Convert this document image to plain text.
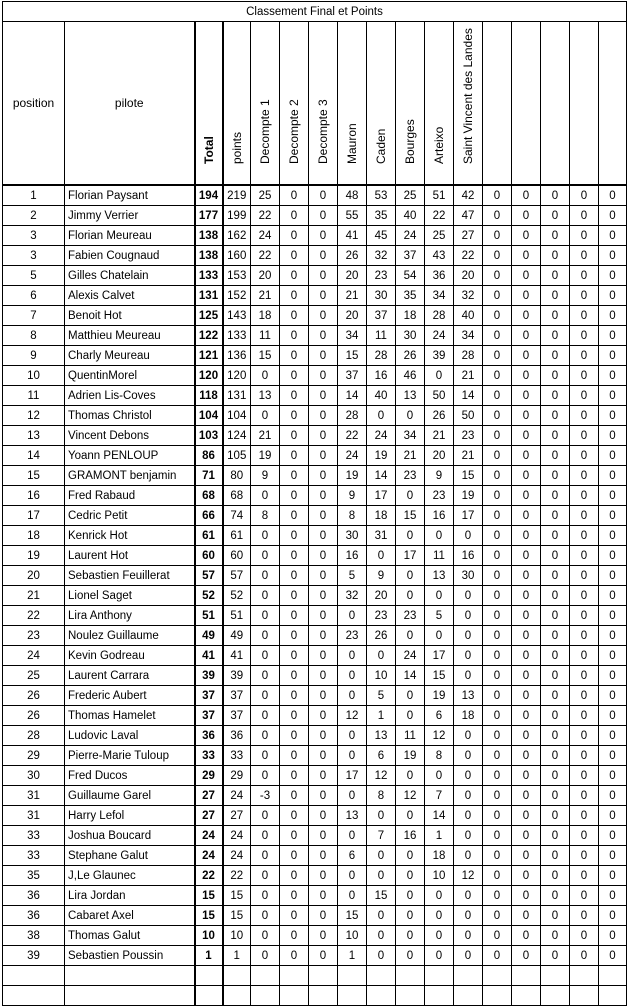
Classement Final et Points																
position	pilote	Total	points	Decompte 1	Decompte 2	Decompte 3	Mauron	Caden	Bourges	Arteixo	Saint Vincent des Landes					

1	Florian Paysant	194	219	25	0	0	48	53	25	51	42	0	0	0	0	0
2	Jimmy Verrier	177	199	22	0	0	55	35	40	22	47	0	0	0	0	0
3	Florian Meureau	138	162	24	0	0	41	45	24	25	27	0	0	0	0	0
3	Fabien Cougnaud	138	160	22	0	0	26	32	37	43	22	0	0	0	0	0
5	Gilles Chatelain	133	153	20	0	0	20	23	54	36	20	0	0	0	0	0
6	Alexis Calvet	131	152	21	0	0	21	30	35	34	32	0	0	0	0	0
7	Benoit Hot	125	143	18	0	0	20	37	18	28	40	0	0	0	0	0
8	Matthieu Meureau	122	133	11	0	0	34	11	30	24	34	0	0	0	0	0
9	Charly Meureau	121	136	15	0	0	15	28	26	39	28	0	0	0	0	0
10	QuentinMorel	120	120	0	0	0	37	16	46	0	21	0	0	0	0	0
11	Adrien Lis-Coves	118	131	13	0	0	14	40	13	50	14	0	0	0	0	0
12	Thomas Christol	104	104	0	0	0	28	0	0	26	50	0	0	0	0	0
13	Vincent Debons	103	124	21	0	0	22	24	34	21	23	0	0	0	0	0
14	Yoann PENLOUP	86	105	19	0	0	24	19	21	20	21	0	0	0	0	0
15	GRAMONT benjamin	71	80	9	0	0	19	14	23	9	15	0	0	0	0	0
16	Fred Rabaud	68	68	0	0	0	9	17	0	23	19	0	0	0	0	0
17	Cedric Petit	66	74	8	0	0	8	18	15	16	17	0	0	0	0	0
18	Kenrick Hot	61	61	0	0	0	30	31	0	0	0	0	0	0	0	0
19	Laurent Hot	60	60	0	0	0	16	0	17	11	16	0	0	0	0	0
20	Sebastien Feuillerat	57	57	0	0	0	5	9	0	13	30	0	0	0	0	0
21	Lionel Saget	52	52	0	0	0	32	20	0	0	0	0	0	0	0	0
22	Lira Anthony	51	51	0	0	0	0	23	23	5	0	0	0	0	0	0
23	Noulez Guillaume	49	49	0	0	0	23	26	0	0	0	0	0	0	0	0
24	Kevin Godreau	41	41	0	0	0	0	0	24	17	0	0	0	0	0	0
25	Laurent Carrara	39	39	0	0	0	0	10	14	15	0	0	0	0	0	0
26	Frederic Aubert	37	37	0	0	0	0	5	0	19	13	0	0	0	0	0
26	Thomas Hamelet	37	37	0	0	0	12	1	0	6	18	0	0	0	0	0
28	Ludovic Laval	36	36	0	0	0	0	13	11	12	0	0	0	0	0	0
29	Pierre-Marie Tuloup	33	33	0	0	0	0	6	19	8	0	0	0	0	0	0
30	Fred Ducos	29	29	0	0	0	17	12	0	0	0	0	0	0	0	0
31	Guillaume Garel	27	24	-3	0	0	0	8	12	7	0	0	0	0	0	0
31	Harry Lefol	27	27	0	0	0	13	0	0	14	0	0	0	0	0	0
33	Joshua Boucard	24	24	0	0	0	0	7	16	1	0	0	0	0	0	0
33	Stephane Galut	24	24	0	0	0	6	0	0	18	0	0	0	0	0	0
35	J,Le Glaunec	22	22	0	0	0	0	0	0	10	12	0	0	0	0	0
36	Lira Jordan	15	15	0	0	0	0	15	0	0	0	0	0	0	0	0
36	Cabaret Axel	15	15	0	0	0	15	0	0	0	0	0	0	0	0	0
38	Thomas Galut	10	10	0	0	0	10	0	0	0	0	0	0	0	0	0
39	Sebastien Poussin	1	1	0	0	0	1	0	0	0	0	0	0	0	0	0
